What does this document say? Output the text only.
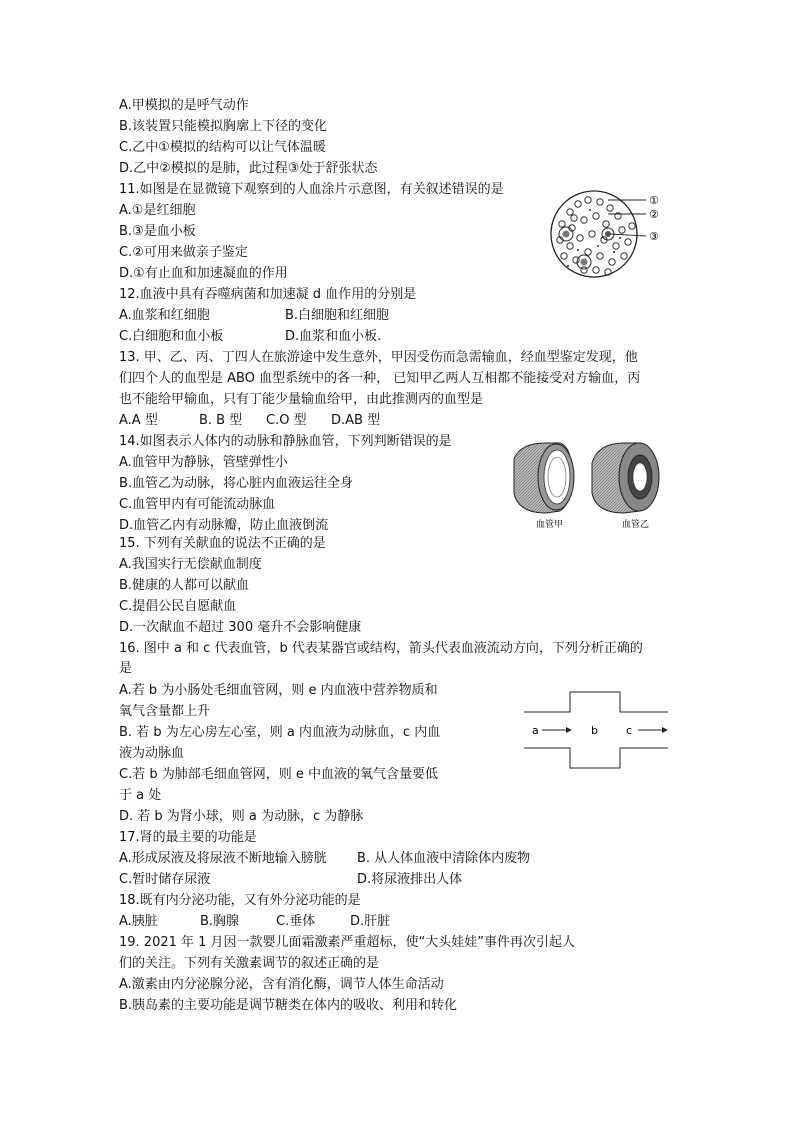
A.甲模拟的是呼气动作
B.该装置只能模拟胸廓上下径的变化
C.乙中①模拟的结构可以让气体温暖
D.乙中②模拟的是肺，此过程③处于舒张状态
11.如图是在显微镜下观察到的人血涂片示意图，有关叙述错误的是
A.①是红细胞
B.③是血小板
C.②可用来做亲子鉴定
D.①有止血和加速凝血的作用
①
②
③
12.血液中具有吞噬病菌和加速凝 d 血作用的分别是
A.血浆和红细胞	B.白细胞和红细胞
C.白细胞和血小板	D.血浆和血小板.
13. 甲、乙、丙、丁四人在旅游途中发生意外，甲因受伤而急需输血，经血型鉴定发现，他
们四个人的血型是 ABO 血型系统中的各一种， 已知甲乙两人互相都不能接受对方输血，丙
也不能给甲输血，只有丁能少量输血给甲，由此推测丙的血型是
A.A 型	B. B 型 C.O 型 D.AB 型
14.如图表示人体内的动脉和静脉血管，下列判断错误的是
A.血管甲为静脉，管壁弹性小
B.血管乙为动脉，将心脏内血液运往全身
C.血管甲内有可能流动脉血
D.血管乙内有动脉瓣，防止血液倒流	血管甲	血管乙
15. 下列有关献血的说法不正确的是
A.我国实行无偿献血制度
B.健康的人都可以献血
C.提倡公民自愿献血
D.一次献血不超过 300 毫升不会影响健康
16. 图中 a 和 c 代表血管，b 代表某器官或结构，箭头代表血液流动方向，下列分析正确的
是
A.若 b 为小肠处毛细血管网，则 e 内血液中营养物质和
氧气含量都上升
B. 若 b 为左心房左心室，则 a 内血液为动脉血，c 内血
液为动脉血
C.若 b 为肺部毛细血管网，则 e 中血液的氧气含量要低
于 a 处
D. 若 b 为肾小球，则 a 为动脉，c 为静脉
a	b	c
17.肾的最主要的功能是
A.形成尿液及将尿液不断地输入膀胱 B. 从人体血液中清除体内废物
C.暂时储存尿液	D.将尿液排出人体
18.既有内分泌功能，又有外分泌功能的是
A.胰脏	B.胸腺	C.垂体	D.肝脏
19. 2021 年 1 月因一款婴儿面霜激素严重超标，使“大头娃娃”事件再次引起人
们的关注。下列有关激素调节的叙述正确的是
A.激素由内分泌腺分泌，含有消化酶，调节人体生命活动
B.胰岛素的主要功能是调节糖类在体内的吸收、利用和转化
